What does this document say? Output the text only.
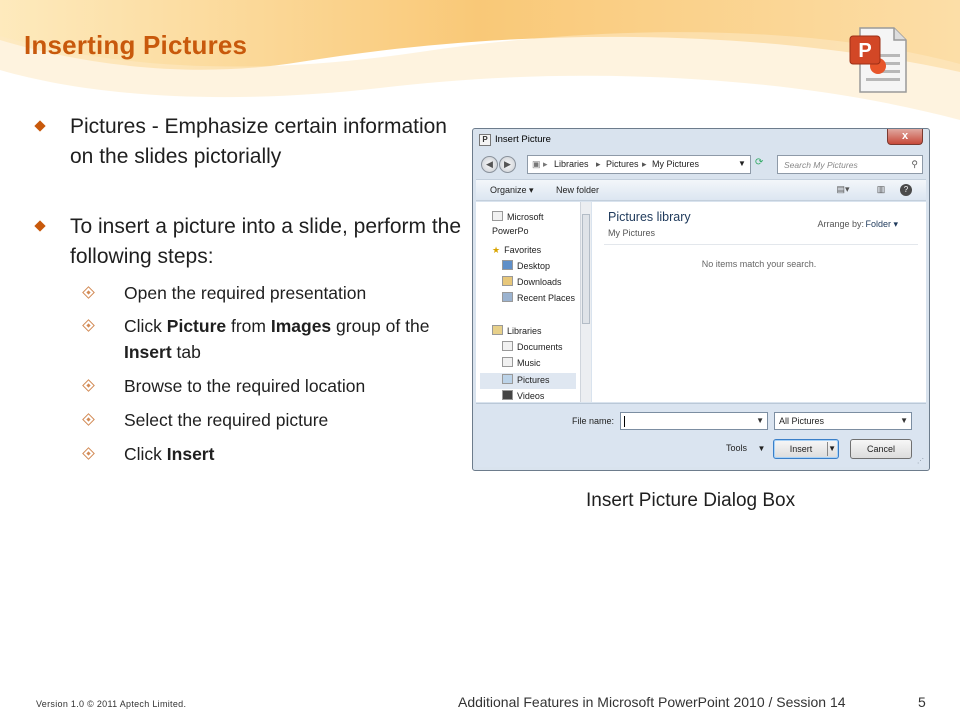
Inserting Pictures	P
Pictures - Emphasize certain information on the slides pictorially
To insert a picture into a slide, perform the following steps:
Open the required presentation
Click Picture from Images group of the Insert tab
Browse to the required location
Select the required picture
Click Insert
P Insert Picture	x
◀	▶	▣ ▸ Libraries ▸ Pictures ▸ My Pictures	▼ ⟳ Search My Pictures	⚲
Organize ▾ New folder	▤▾	▥	?
Microsoft PowerPo
★ Favorites
Desktop
Downloads
Recent Places
Libraries
Documents
Music
Pictures
Videos
Pictures library
My Pictures
Arrange by: Folder ▾
No items match your search.
File name:	▼ All Pictures	▼
Tools ▼	Insert ▼	Cancel
⋰
Insert Picture Dialog Box
Version 1.0 © 2011 Aptech Limited.	Additional Features in Microsoft PowerPoint 2010 / Session 14	5
